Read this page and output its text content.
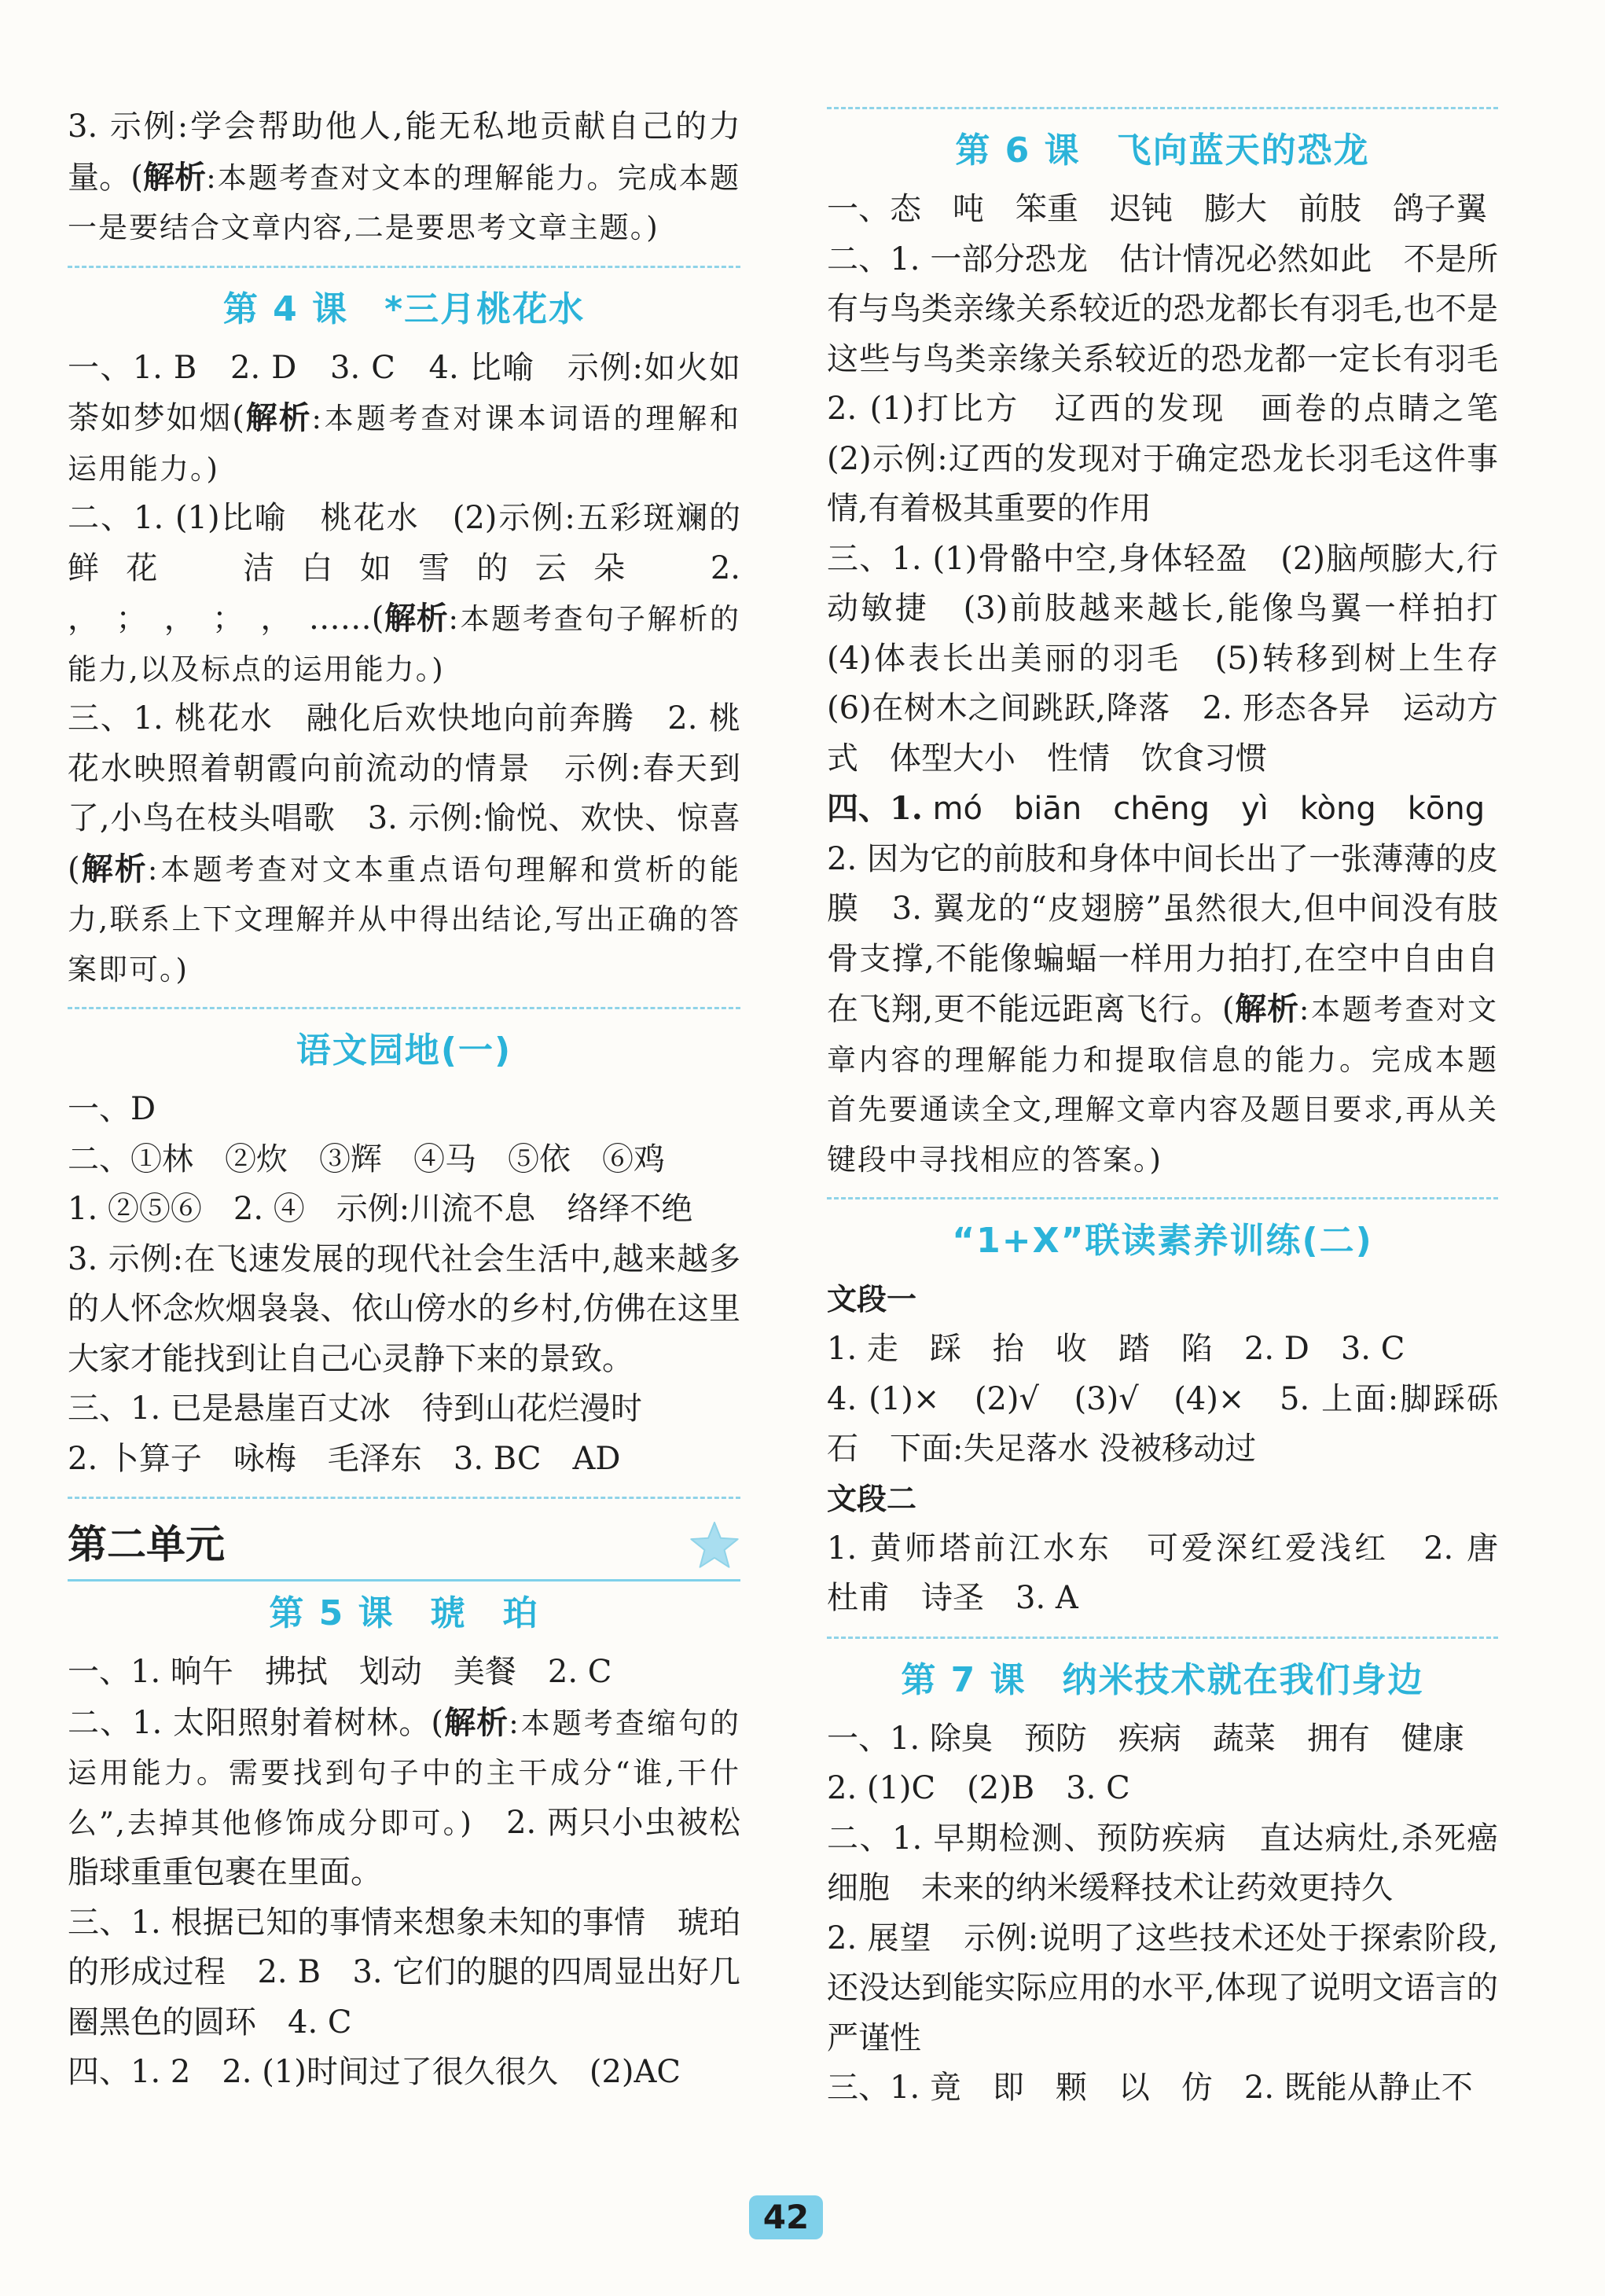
3. 示例:学会帮助他人,能无私地贡献自己的力量。(解析:本题考查对文本的理解能力。完成本题一是要结合文章内容,二是要思考文章主题。)

第 4 课　*三月桃花水

一、1. B　2. D　3. C　4. 比喻　示例:如火如荼如梦如烟(解析:本题考查对课本词语的理解和运用能力。)

二、1. (1)比喻　桃花水　(2)示例:五彩斑斓的鲜花　洁白如雪的云朵　2. ，　；　，　；　，　……(解析:本题考查句子解析的能力,以及标点的运用能力。)

三、1. 桃花水　融化后欢快地向前奔腾　2. 桃花水映照着朝霞向前流动的情景　示例:春天到了,小鸟在枝头唱歌　3. 示例:愉悦、欢快、惊喜(解析:本题考查对文本重点语句理解和赏析的能力,联系上下文理解并从中得出结论,写出正确的答案即可。)

语文园地(一)

一、D

二、①林　②炊　③辉　④马　⑤依　⑥鸡

1. ②⑤⑥　2. ④　示例:川流不息　络绎不绝

3. 示例:在飞速发展的现代社会生活中,越来越多的人怀念炊烟袅袅、依山傍水的乡村,仿佛在这里大家才能找到让自己心灵静下来的景致。

三、1. 已是悬崖百丈冰　待到山花烂漫时

2. 卜算子　咏梅　毛泽东　3. BC　AD

第二单元
第 5 课　琥　珀

一、1. 晌午　拂拭　划动　美餐　2. C

二、1. 太阳照射着树林。(解析:本题考查缩句的运用能力。需要找到句子中的主干成分“谁,干什么”,去掉其他修饰成分即可。)　2. 两只小虫被松脂球重重包裹在里面。

三、1. 根据已知的事情来想象未知的事情　琥珀的形成过程　2. B　3. 它们的腿的四周显出好几圈黑色的圆环　4. C

四、1. 2　2. (1)时间过了很久很久　(2)AC

第 6 课　飞向蓝天的恐龙

一、态　吨　笨重　迟钝　膨大　前肢　鸽子翼

二、1. 一部分恐龙　估计情况必然如此　不是所有与鸟类亲缘关系较近的恐龙都长有羽毛,也不是这些与鸟类亲缘关系较近的恐龙都一定长有羽毛　2. (1)打比方　辽西的发现　画卷的点睛之笔　(2)示例:辽西的发现对于确定恐龙长羽毛这件事情,有着极其重要的作用

三、1. (1)骨骼中空,身体轻盈　(2)脑颅膨大,行动敏捷　(3)前肢越来越长,能像鸟翼一样拍打　(4)体表长出美丽的羽毛　(5)转移到树上生存　(6)在树木之间跳跃,降落　2. 形态各异　运动方式　体型大小　性情　饮食习惯

四、1. mó　biān　chēng　yì　kòng　kōng

2. 因为它的前肢和身体中间长出了一张薄薄的皮膜　3. 翼龙的“皮翅膀”虽然很大,但中间没有肢骨支撑,不能像蝙蝠一样用力拍打,在空中自由自在飞翔,更不能远距离飞行。(解析:本题考查对文章内容的理解能力和提取信息的能力。完成本题首先要通读全文,理解文章内容及题目要求,再从关键段中寻找相应的答案。)

“1+X”联读素养训练(二)
文段一

1. 走　踩　抬　收　踏　陷　2. D　3. C

4. (1)×　(2)√　(3)√　(4)×　5. 上面:脚踩砾石　下面:失足落水 没被移动过

文段二

1. 黄师塔前江水东　可爱深红爱浅红　2. 唐　杜甫　诗圣　3. A

第 7 课　纳米技术就在我们身边

一、1. 除臭　预防　疾病　蔬菜　拥有　健康

2. (1)C　(2)B　3. C

二、1. 早期检测、预防疾病　直达病灶,杀死癌细胞　未来的纳米缓释技术让药效更持久

2. 展望　示例:说明了这些技术还处于探索阶段,还没达到能实际应用的水平,体现了说明文语言的严谨性

三、1. 竟　即　颗　以　仿　2. 既能从静止不

42
